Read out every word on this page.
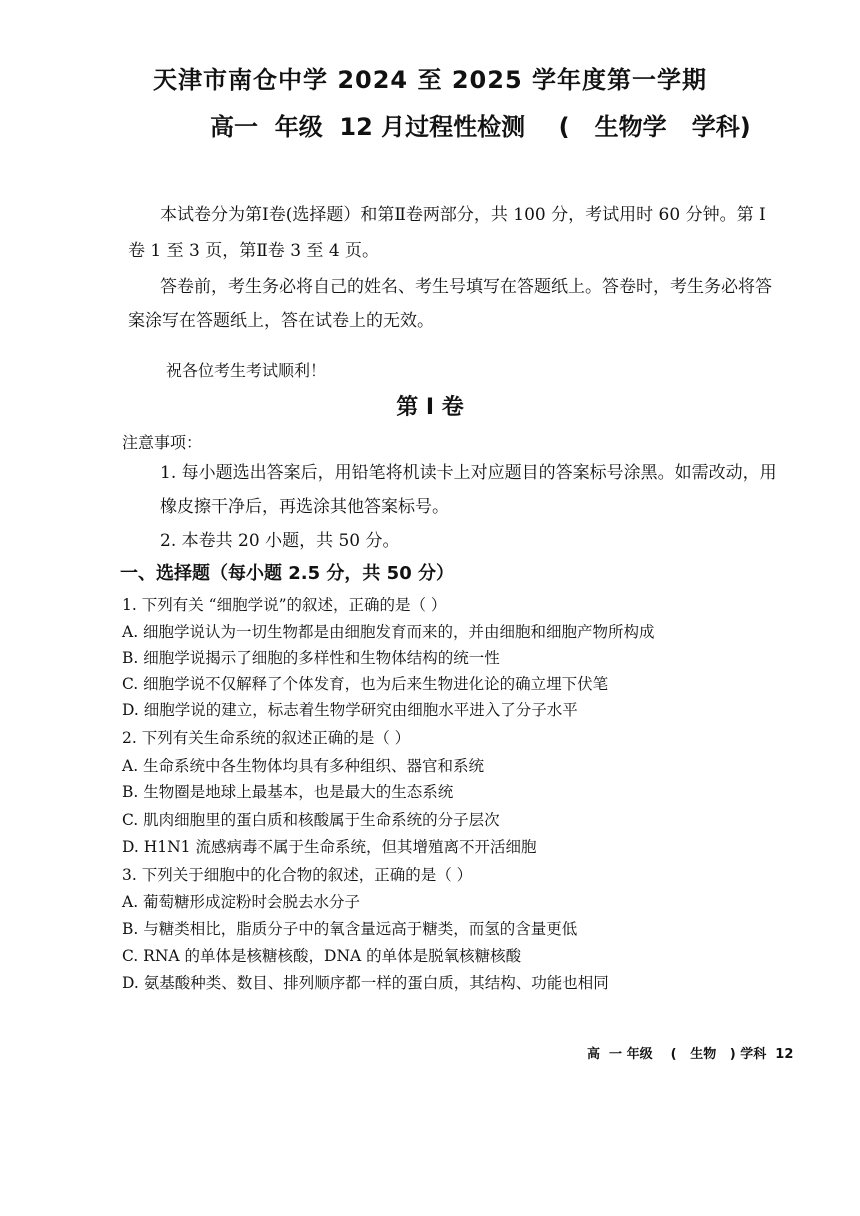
天津市南仓中学 2024 至 2025 学年度第一学期
高一  年级  12 月过程性检测    (   生物学   学科)
本试卷分为第Ⅰ卷(选择题）和第Ⅱ卷两部分，共 100 分，考试用时 60 分钟。第 Ⅰ
卷 1 至 3 页，第Ⅱ卷 3 至 4 页。
答卷前，考生务必将自己的姓名、考生号填写在答题纸上。答卷时，考生务必将答
案涂写在答题纸上，答在试卷上的无效。
祝各位考生考试顺利！
第 Ⅰ 卷
注意事项：
1. 每小题选出答案后，用铅笔将机读卡上对应题目的答案标号涂黑。如需改动，用
橡皮擦干净后，再选涂其他答案标号。
2. 本卷共 20 小题，共 50 分。
一、选择题（每小题 2.5 分，共 50 分）
1. 下列有关 “细胞学说”的叙述，正确的是（ ）
A. 细胞学说认为一切生物都是由细胞发育而来的，并由细胞和细胞产物所构成
B. 细胞学说揭示了细胞的多样性和生物体结构的统一性
C. 细胞学说不仅解释了个体发育，也为后来生物进化论的确立埋下伏笔
D. 细胞学说的建立，标志着生物学研究由细胞水平进入了分子水平
2. 下列有关生命系统的叙述正确的是（ ）
A. 生命系统中各生物体均具有多种组织、器官和系统
B. 生物圈是地球上最基本，也是最大的生态系统
C. 肌肉细胞里的蛋白质和核酸属于生命系统的分子层次
D. H1N1 流感病毒不属于生命系统，但其增殖离不开活细胞
3. 下列关于细胞中的化合物的叙述，正确的是（ ）
A. 葡萄糖形成淀粉时会脱去水分子
B. 与糖类相比，脂质分子中的氧含量远高于糖类，而氢的含量更低
C. RNA 的单体是核糖核酸，DNA 的单体是脱氧核糖核酸
D. 氨基酸种类、数目、排列顺序都一样的蛋白质，其结构、功能也相同
高  一 年级    (   生物   ) 学科  12
